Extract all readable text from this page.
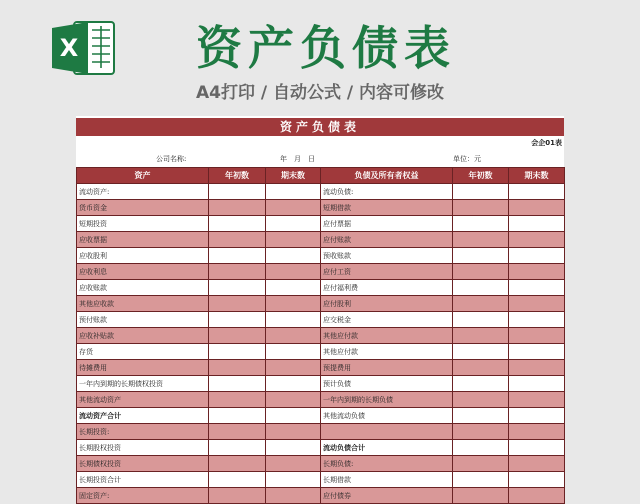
X	资产负债表
A4打印 / 自动公式 / 内容可修改
资产负债表
会企01表
公司名称:	年　月　日	单位：元
资产	年初数	期末数	负债及所有者权益	年初数	期末数
流动资产:			流动负债:		
货币资金			短期借款		
短期投资			应付票据		
应收票据			应付账款		
应收股利			预收账款		
应收利息			应付工资		
应收账款			应付福利费		
其他应收款			应付股利		
预付账款			应交税金		
应收补贴款			其他应付款		
存货			其他应付款		
待摊费用			预提费用		
一年内到期的长期债权投资			预计负债		
其他流动资产			一年内到期的长期负债		
流动资产合计			其他流动负债		
长期投资:					
长期股权投资			流动负债合计		
长期债权投资			长期负债:		
长期投资合计			长期借款		
固定资产:			应付债券		
